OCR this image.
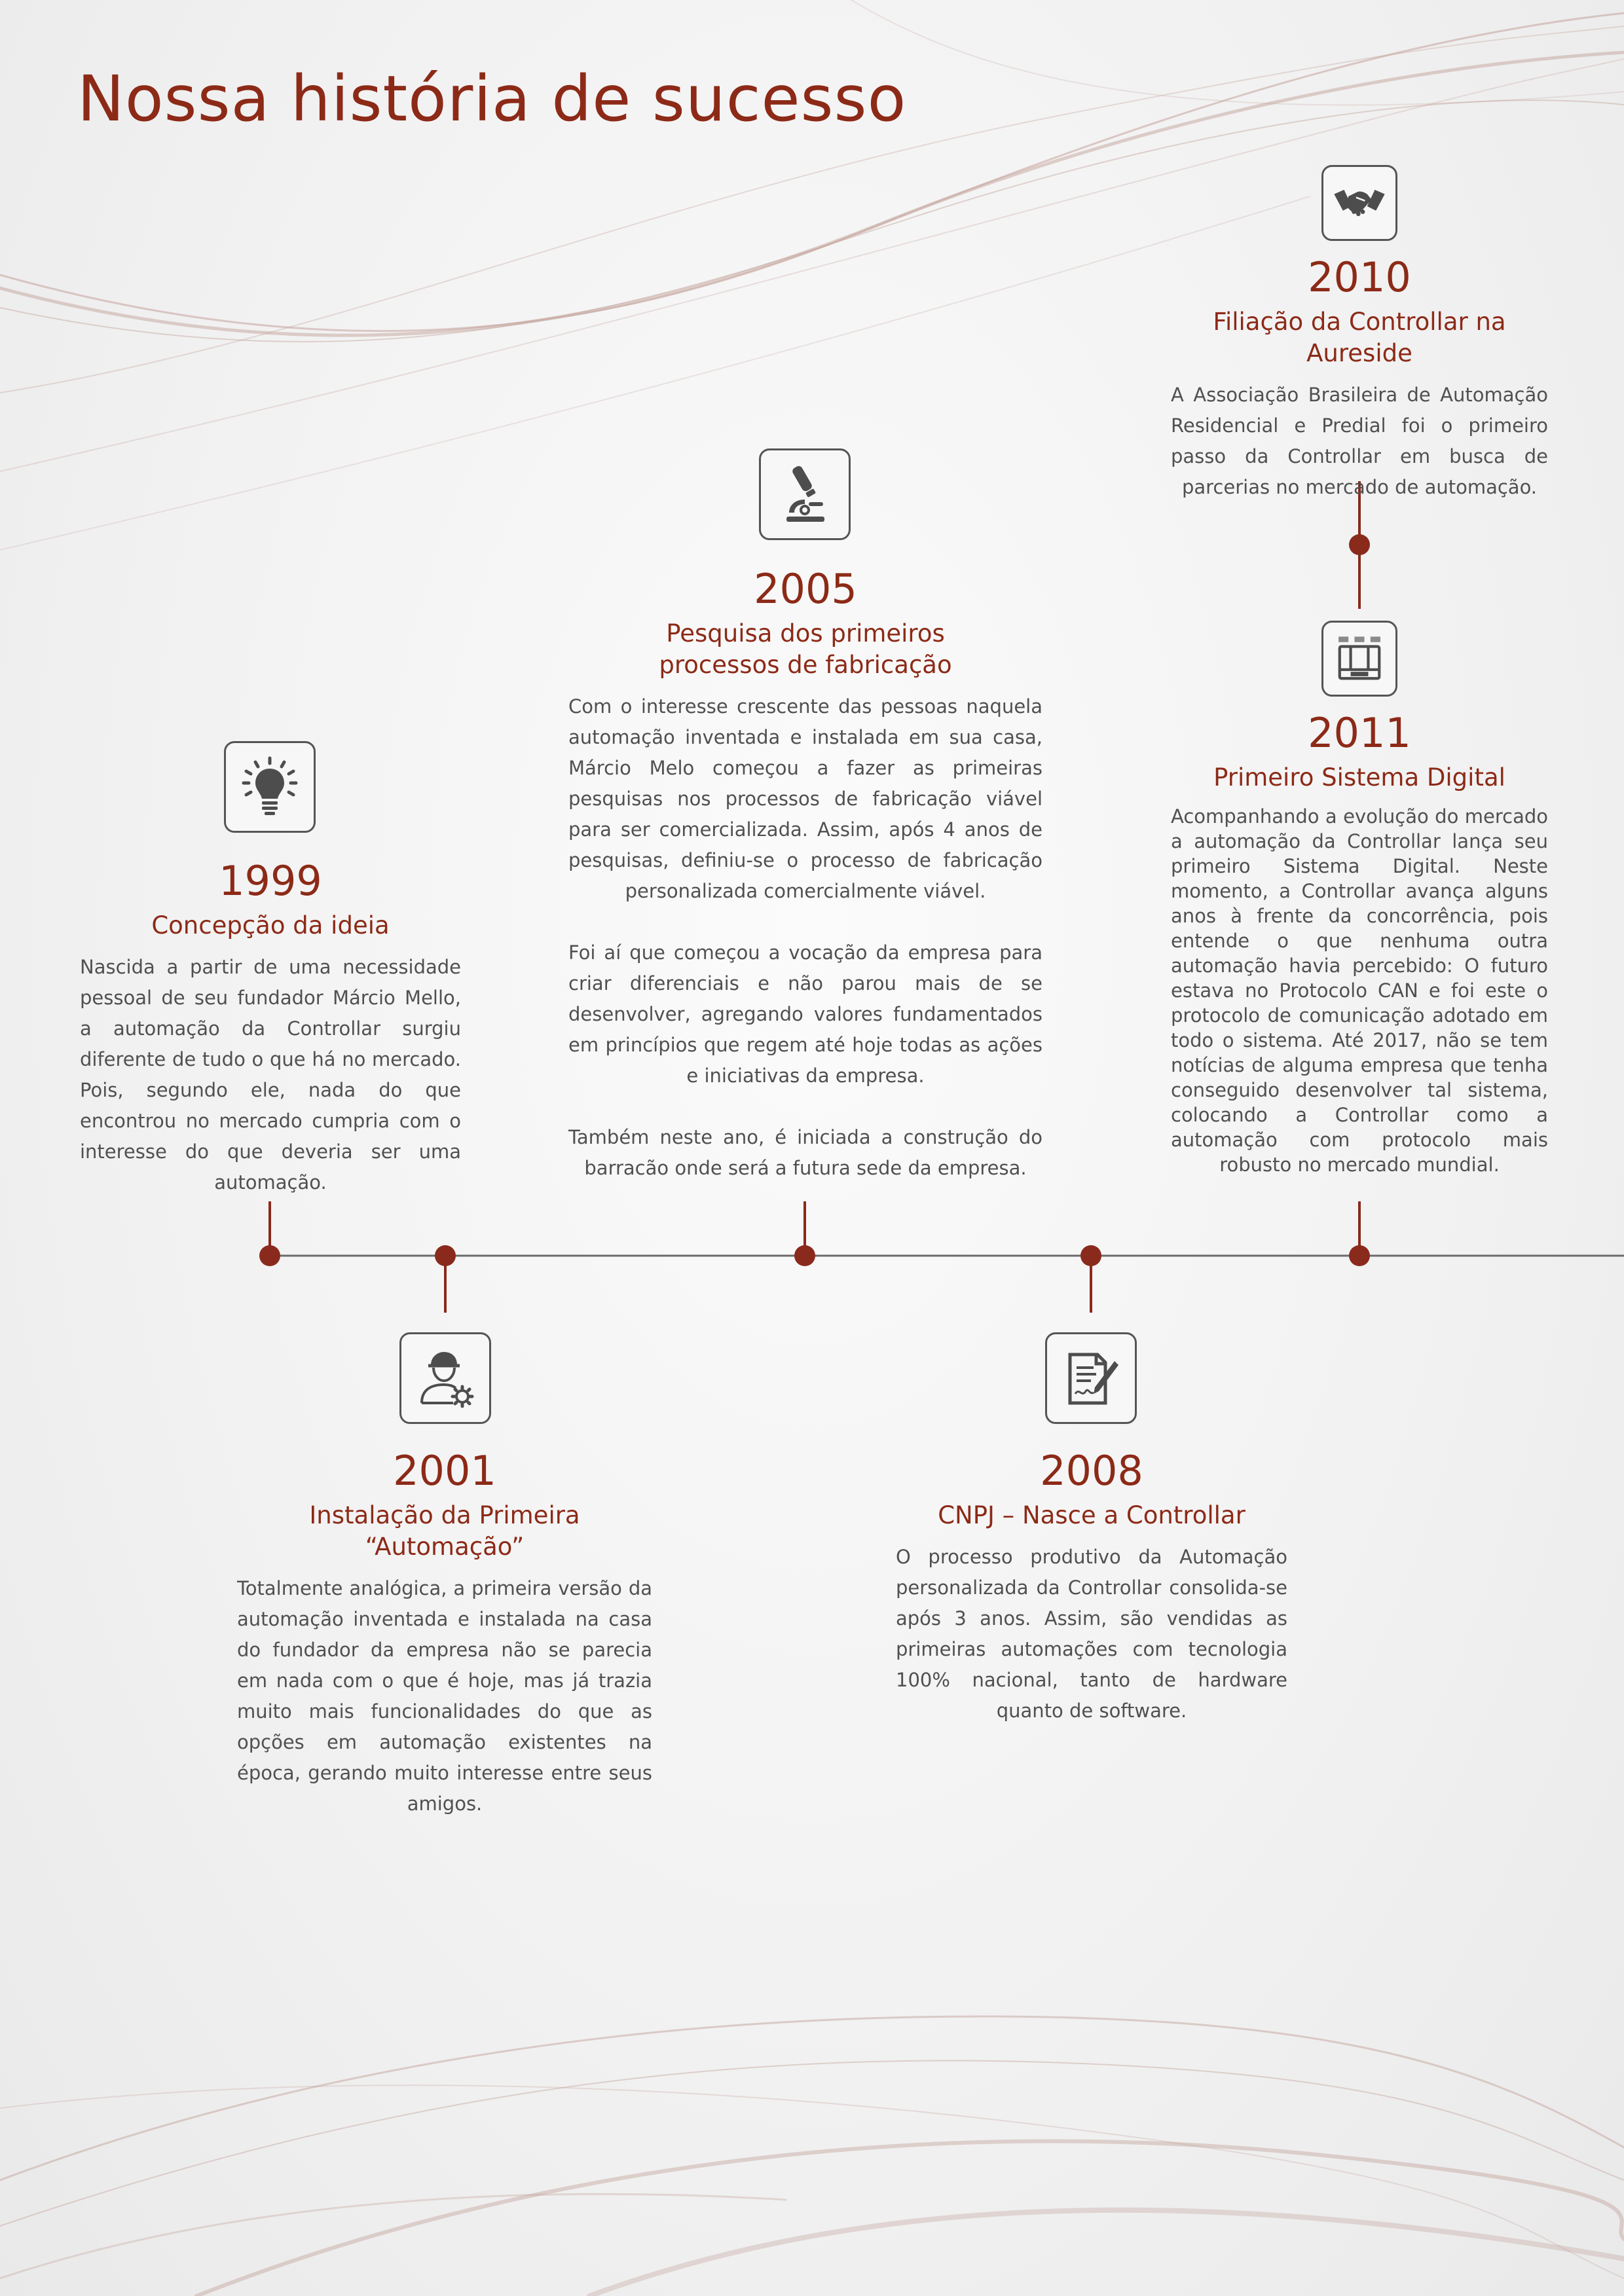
Nossa história de sucesso
1999
Concepção da ideia

Nascida a partir de uma necessidade pessoal de seu fundador Márcio Mello, a automação da Controllar surgiu diferente de tudo o que há no mercado. Pois, segundo ele, nada do que encontrou no mercado cumpria com o interesse do que deveria ser uma automação.

2001
Instalação da Primeira “Automação”

Totalmente analógica, a primeira versão da automação inventada e instalada na casa do fundador da empresa não se parecia em nada com o que é hoje, mas já trazia muito mais funcionalidades do que as opções em automação existentes na época, gerando muito interesse entre seus amigos.

2005
Pesquisa dos primeiros
processos de fabricação

Com o interesse crescente das pessoas naquela automação inventada e instalada em sua casa, Márcio Melo começou a fazer as primeiras pesquisas nos processos de fabricação viável para ser comercializada. Assim, após 4 anos de pesquisas, definiu-se o processo de fabricação personalizada comercialmente viável.

Foi aí que começou a vocação da empresa para criar diferenciais e não parou mais de se desenvolver, agregando valores fundamentados em princípios que regem até hoje todas as ações e iniciativas da empresa.

Também neste ano, é iniciada a construção do barracão onde será a futura sede da empresa.

2008
CNPJ – Nasce a Controllar

O processo produtivo da Automação personalizada da Controllar consolida-se após 3 anos. Assim, são vendidas as primeiras automações com tecnologia 100% nacional, tanto de hardware quanto de software.

2010
Filiação da Controllar na Aureside

A Associação Brasileira de Automação Residencial e Predial foi o primeiro passo da Controllar em busca de parcerias no mercado de automação.

2011
Primeiro Sistema Digital

Acompanhando a evolução do mercado a automação da Controllar lança seu primeiro Sistema Digital. Neste momento, a Controllar avança alguns anos à frente da concorrência, pois entende o que nenhuma outra automação havia percebido: O futuro estava no Protocolo CAN e foi este o protocolo de comunicação adotado em todo o sistema. Até 2017, não se tem notícias de alguma empresa que tenha conseguido desenvolver tal sistema, colocando a Controllar como a automação com protocolo mais robusto no mercado mundial.
